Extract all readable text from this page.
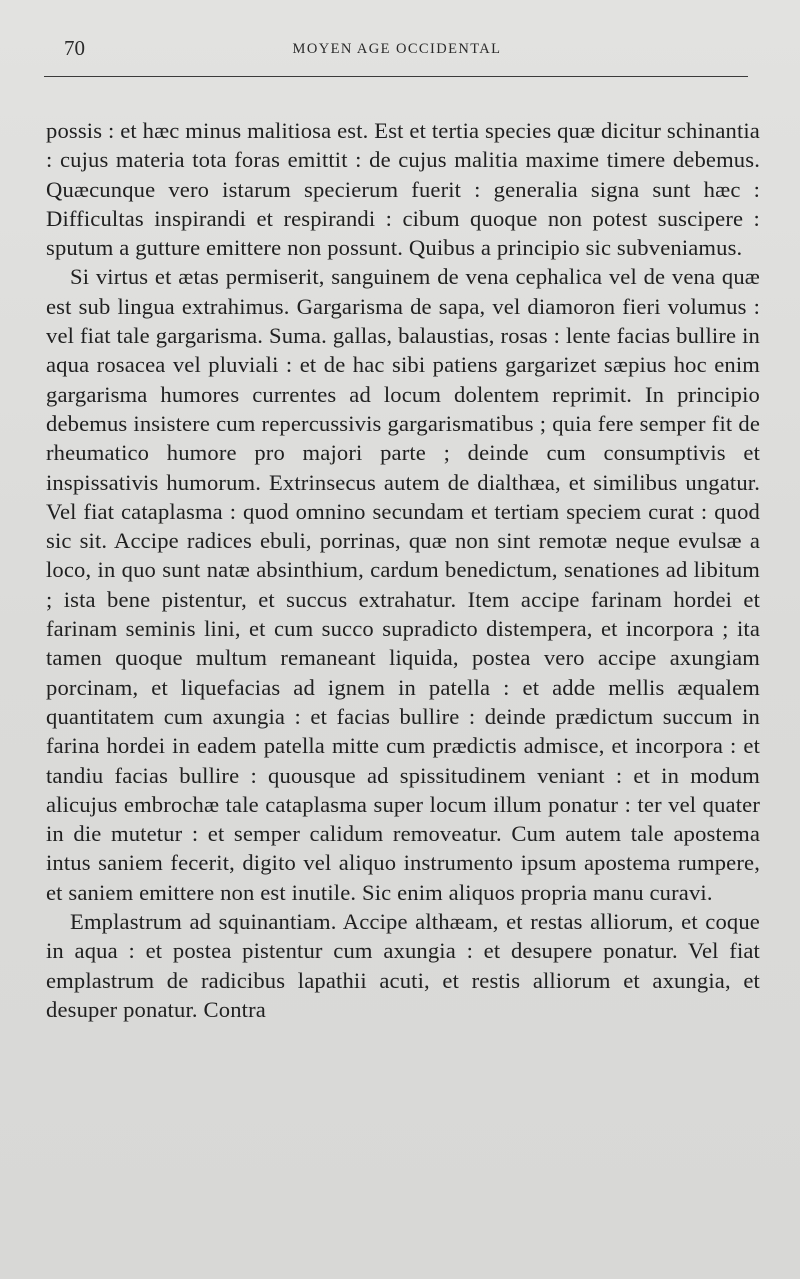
70	MOYEN AGE OCCIDENTAL

possis : et hæc minus malitiosa est. Est et tertia species quæ dicitur schinantia : cujus materia tota foras emittit : de cujus malitia maxime timere debemus. Quæcunque vero istarum specierum fuerit : generalia signa sunt hæc : Difficultas inspirandi et respirandi : cibum quoque non potest suscipere : sputum a gutture emittere non possunt. Quibus a principio sic subveniamus.

Si virtus et ætas permiserit, sanguinem de vena cephalica vel de vena quæ est sub lingua extrahimus. Gargarisma de sapa, vel diamoron fieri volumus : vel fiat tale gargarisma. Suma. gallas, balaustias, rosas : lente facias bullire in aqua rosacea vel pluviali : et de hac sibi patiens gargarizet sæpius hoc enim gargarisma humores currentes ad locum dolentem reprimit. In principio debemus insistere cum repercussivis gargarismatibus ; quia fere semper fit de rheumatico humore pro majori parte ; deinde cum consumptivis et inspissativis humorum. Extrinsecus autem de dialthæa, et similibus ungatur. Vel fiat cataplasma : quod omnino secundam et tertiam speciem curat : quod sic sit. Accipe radices ebuli, porrinas, quæ non sint remotæ neque evulsæ a loco, in quo sunt natæ absinthium, cardum benedictum, senationes ad libitum ; ista bene pistentur, et succus extrahatur. Item accipe farinam hordei et farinam seminis lini, et cum succo supradicto distempera, et incorpora ; ita tamen quoque multum remaneant liquida, postea vero accipe axungiam porcinam, et liquefacias ad ignem in patella : et adde mellis æqualem quantitatem cum axungia : et facias bullire : deinde prædictum succum in farina hordei in eadem patella mitte cum prædictis admisce, et incorpora : et tandiu facias bullire : quousque ad spissitudinem veniant : et in modum alicujus embrochæ tale cataplasma super locum illum ponatur : ter vel quater in die mutetur : et semper calidum removeatur. Cum autem tale apostema intus saniem fecerit, digito vel aliquo instrumento ipsum apostema rumpere, et saniem emittere non est inutile. Sic enim aliquos propria manu curavi.

Emplastrum ad squinantiam. Accipe althæam, et restas alliorum, et coque in aqua : et postea pistentur cum axungia : et desupere ponatur. Vel fiat emplastrum de radicibus lapathii acuti, et restis alliorum et axungia, et desuper ponatur. Contra
